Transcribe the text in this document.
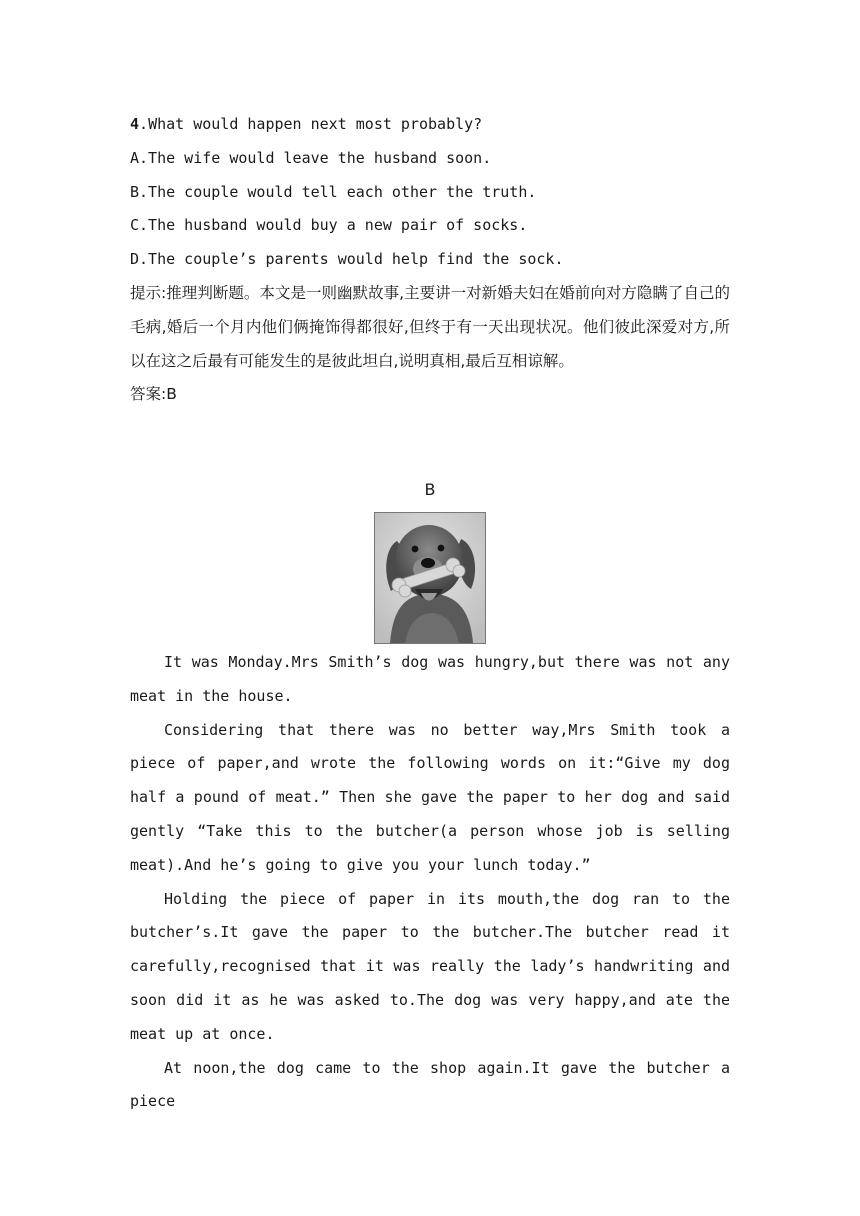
4.What would happen next most probably?

A.The wife would leave the husband soon.

B.The couple would tell each other the truth.

C.The husband would buy a new pair of socks.

D.The couple’s parents would help find the sock.

提示:推理判断题。本文是一则幽默故事,主要讲一对新婚夫妇在婚前向对方隐瞒了自己的毛病,婚后一个月内他们俩掩饰得都很好,但终于有一天出现状况。他们彼此深爱对方,所以在这之后最有可能发生的是彼此坦白,说明真相,最后互相谅解。

答案:B

B

It was Monday.Mrs Smith’s dog was hungry,but there was not any meat in the house.

Considering that there was no better way,Mrs Smith took a piece of paper,and wrote the following words on it:“Give my dog half a pound of meat.” Then she gave the paper to her dog and said gently “Take this to the butcher(a person whose job is selling meat).And he’s going to give you your lunch today.”

Holding the piece of paper in its mouth,the dog ran to the butcher’s.It gave the paper to the butcher.The butcher read it carefully,recognised that it was really the lady’s handwriting and soon did it as he was asked to.The dog was very happy,and ate the meat up at once.

At noon,the dog came to the shop again.It gave the butcher a piece
